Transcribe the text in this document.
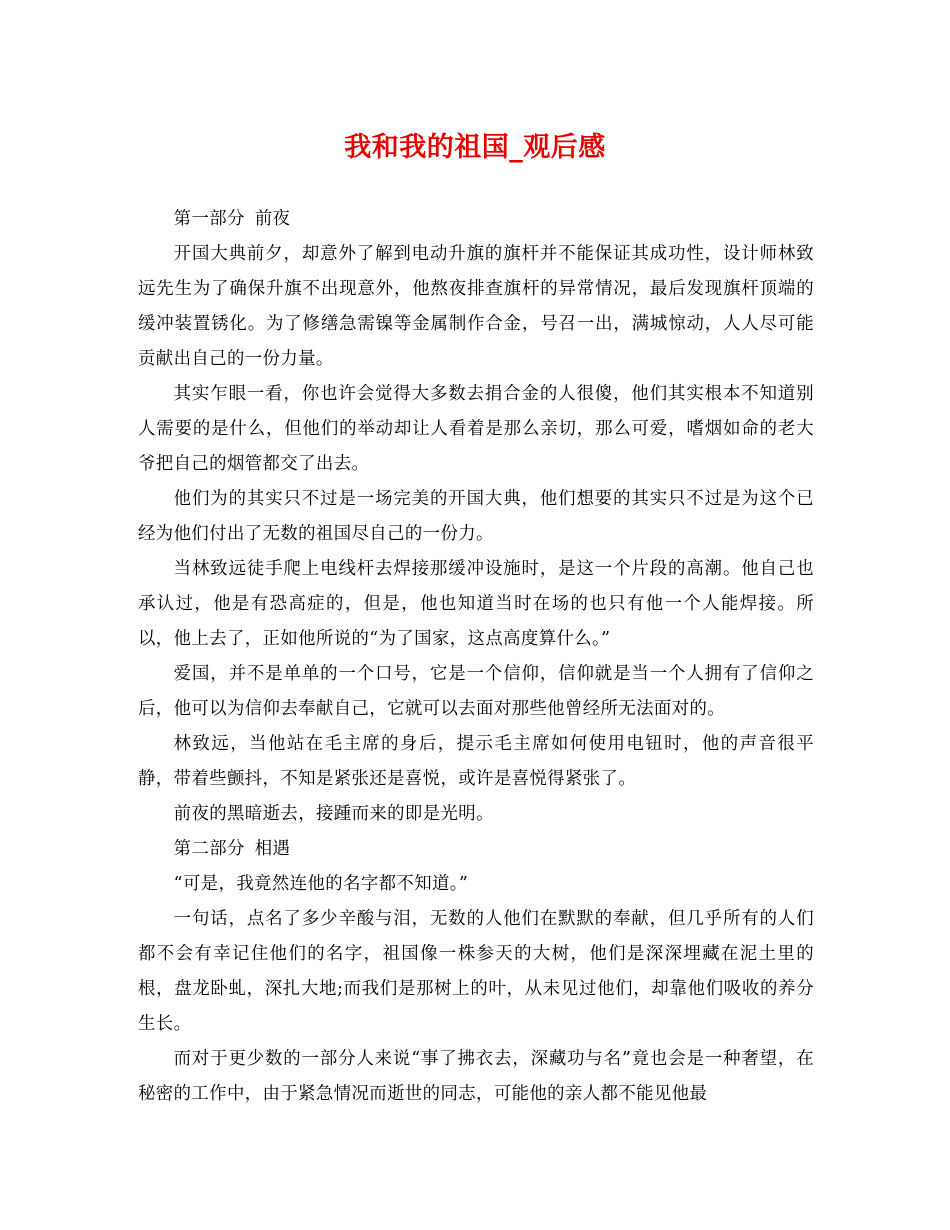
我和我的祖国_观后感

第一部分 前夜

开国大典前夕，却意外了解到电动升旗的旗杆并不能保证其成功性，设计师林致远先生为了确保升旗不出现意外，他熬夜排查旗杆的异常情况，最后发现旗杆顶端的缓冲装置锈化。为了修缮急需镍等金属制作合金，号召一出，满城惊动，人人尽可能贡献出自己的一份力量。

其实乍眼一看，你也许会觉得大多数去捐合金的人很傻，他们其实根本不知道别人需要的是什么，但他们的举动却让人看着是那么亲切，那么可爱，嗜烟如命的老大爷把自己的烟管都交了出去。

他们为的其实只不过是一场完美的开国大典，他们想要的其实只不过是为这个已经为他们付出了无数的祖国尽自己的一份力。

当林致远徒手爬上电线杆去焊接那缓冲设施时，是这一个片段的高潮。他自己也承认过，他是有恐高症的，但是，他也知道当时在场的也只有他一个人能焊接。所以，他上去了，正如他所说的“为了国家，这点高度算什么。”

爱国，并不是单单的一个口号，它是一个信仰，信仰就是当一个人拥有了信仰之后，他可以为信仰去奉献自己，它就可以去面对那些他曾经所无法面对的。

林致远，当他站在毛主席的身后，提示毛主席如何使用电钮时，他的声音很平静，带着些颤抖，不知是紧张还是喜悦，或许是喜悦得紧张了。

前夜的黑暗逝去，接踵而来的即是光明。

第二部分 相遇

“可是，我竟然连他的名字都不知道。”

一句话，点名了多少辛酸与泪，无数的人他们在默默的奉献，但几乎所有的人们都不会有幸记住他们的名字，祖国像一株参天的大树，他们是深深埋藏在泥土里的根，盘龙卧虬，深扎大地;而我们是那树上的叶，从未见过他们，却靠他们吸收的养分生长。

而对于更少数的一部分人来说“事了拂衣去，深藏功与名”竟也会是一种奢望，在秘密的工作中，由于紧急情况而逝世的同志，可能他的亲人都不能见他最
